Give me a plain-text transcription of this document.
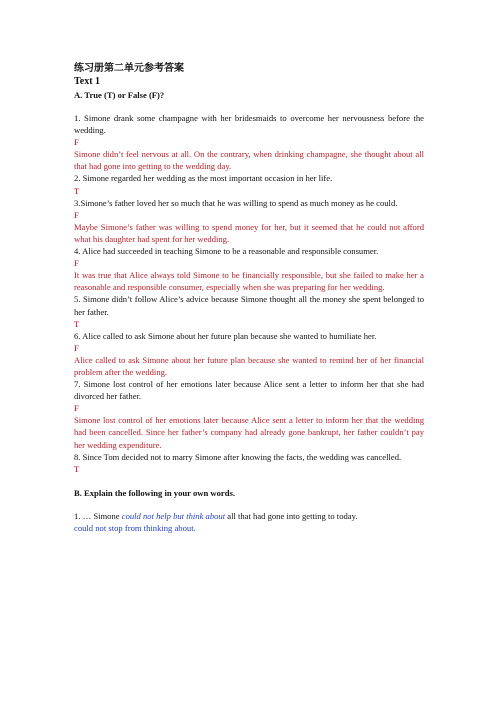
练习册第二单元参考答案
Text 1
A. True (T) or False (F)?
1. Simone drank some champagne with her bridesmaids to overcome her nervousness before the wedding.
F
Simone didn’t feel nervous at all. On the contrary, when drinking champagne, she thought about all that had gone into getting to the wedding day.
2. Simone regarded her wedding as the most important occasion in her life.
T
3.Simone’s father loved her so much that he was willing to spend as much money as he could.
F
Maybe Simone’s father was willing to spend money for her, but it seemed that he could not afford what his daughter had spent for her wedding.
4. Alice had succeeded in teaching Simone to be a reasonable and responsible consumer.
F
It was true that Alice always told Simone to be financially responsible, but she failed to make her a reasonable and responsible consumer, especially when she was preparing for her wedding.
5. Simone didn’t follow Alice’s advice because Simone thought all the money she spent belonged to her father.
T
6. Alice called to ask Simone about her future plan because she wanted to humiliate her.
F
Alice called to ask Simone about her future plan because she wanted to remind her of her financial problem after the wedding.
7. Simone lost control of her emotions later because Alice sent a letter to inform her that she had divorced her father.
F
Simone lost control of her emotions later because Alice sent a letter to inform her that the wedding had been cancelled. Since her father’s company had already gone bankrupt, her father couldn’t pay her wedding expenditure.
8. Since Tom decided not to marry Simone after knowing the facts, the wedding was cancelled.
T
B. Explain the following in your own words.
1. … Simone could not help but think about all that had gone into getting to today.
could not stop from thinking about.
